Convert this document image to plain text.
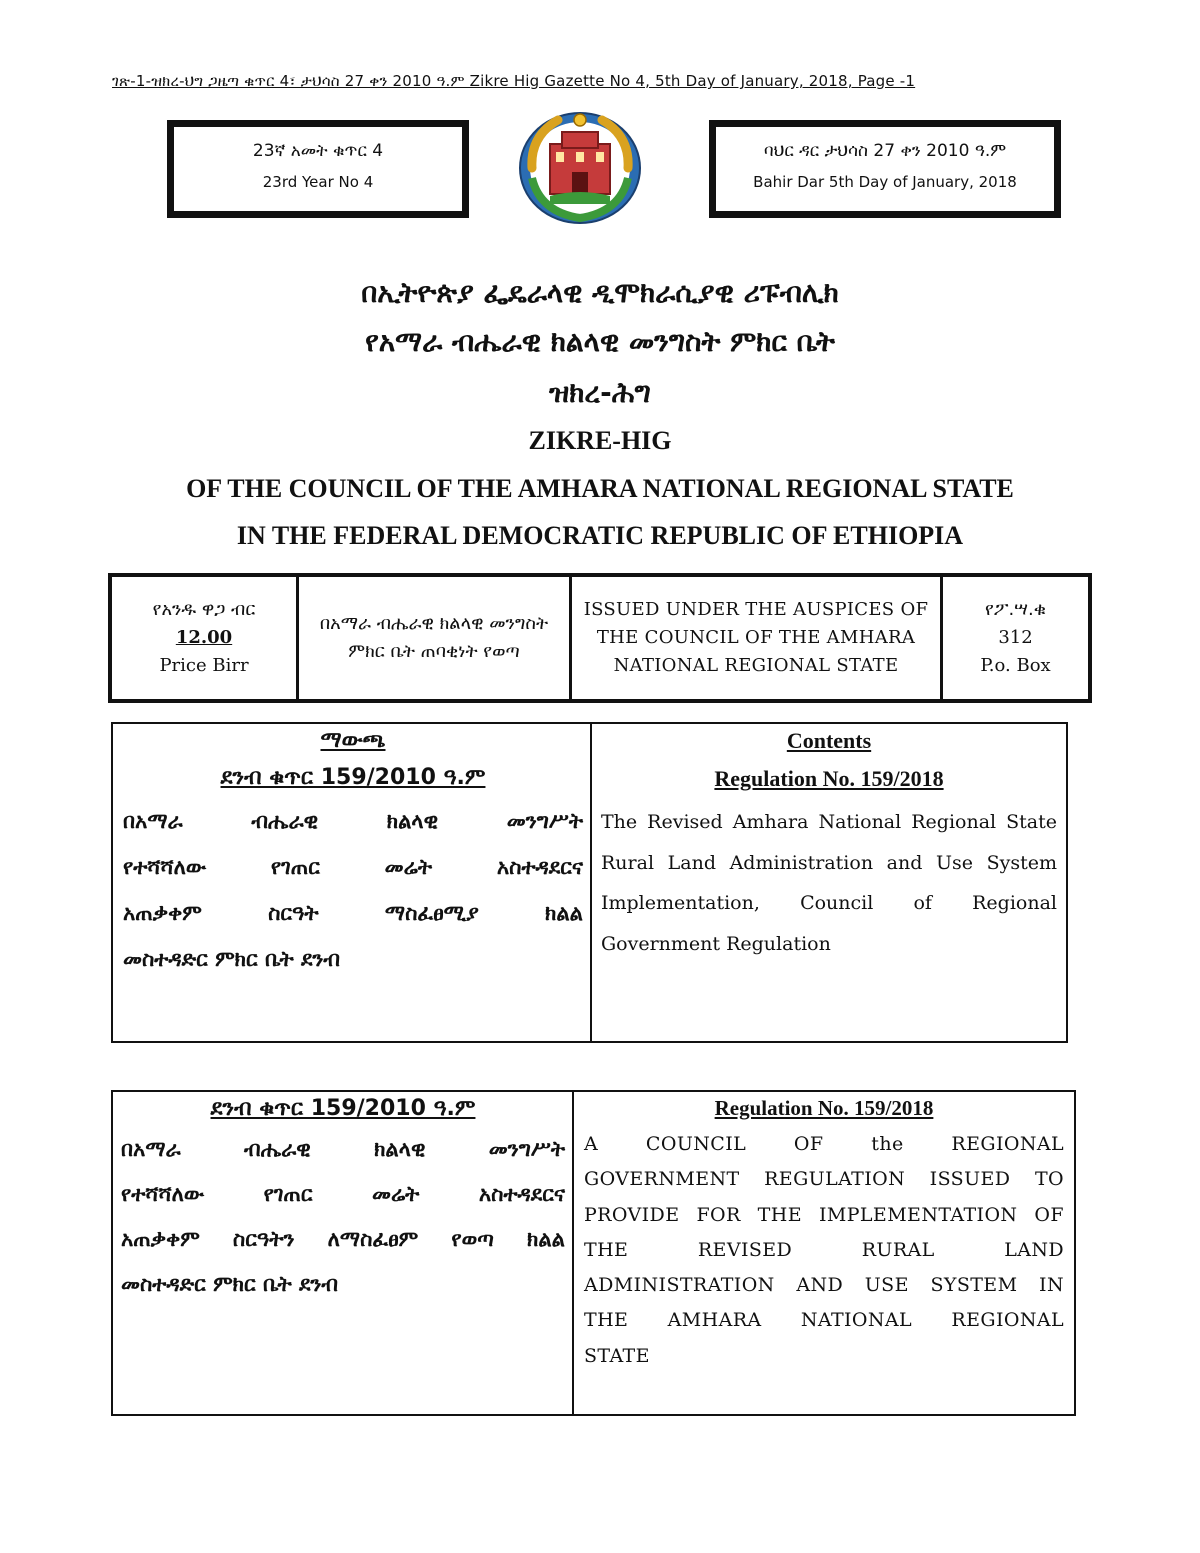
ገጽ-1-ዝክረ-ህግ ጋዜጣ ቁጥር 4፣ ታህሳስ 27 ቀን 2010 ዓ.ም Zikre Hig Gazette No 4, 5th Day of January, 2018, Page -1
23ኛ አመት ቁጥር 4
23rd Year No 4
ባህር ዳር ታህሳስ 27 ቀን 2010 ዓ.ም
Bahir Dar 5th Day of January, 2018
በኢትዮጵያ ፌዴራላዊ ዲሞክራሲያዊ ሪፑብሊክ
የአማራ ብሔራዊ ክልላዊ መንግስት ምክር ቤት
ዝክረ-ሕግ
ZIKRE-HIG
OF THE COUNCIL OF THE AMHARA NATIONAL REGIONAL STATE
IN THE FEDERAL DEMOCRATIC REPUBLIC OF ETHIOPIA
የአንዱ ዋጋ ብር
12.00
Price Birr

በአማራ ብሔራዊ ክልላዊ መንግስት ምክር ቤት ጠባቂነት የወጣ

ISSUED UNDER THE AUSPICES OF THE COUNCIL OF THE AMHARA NATIONAL REGIONAL STATE

የፖ.ሣ.ቁ
312
P.o. Box
ማውጫ
ደንብ ቁጥር 159/2010 ዓ.ም
በአማራ ብሔራዊ ክልላዊ መንግሥት
የተሻሻለው የገጠር መሬት አስተዳደርና
አጠቃቀም ስርዓት ማስፈፀሚያ ክልል
መስተዳድር ምክር ቤት ደንብ
Contents
Regulation No. 159/2018
The Revised Amhara National Regional State
Rural Land Administration and Use System
Implementation, Council of Regional
Government Regulation
ደንብ ቁጥር 159/2010 ዓ.ም
በአማራ ብሔራዊ ክልላዊ መንግሥት
የተሻሻለው የገጠር መሬት አስተዳደርና
አጠቃቀም ስርዓትን ለማስፈፀም የወጣ ክልል
መስተዳድር ምክር ቤት ደንብ
Regulation No. 159/2018
A COUNCIL OF the REGIONAL
GOVERNMENT REGULATION ISSUED TO
PROVIDE FOR THE IMPLEMENTATION OF
THE REVISED RURAL LAND
ADMINISTRATION AND USE SYSTEM IN
THE AMHARA NATIONAL REGIONAL
STATE
